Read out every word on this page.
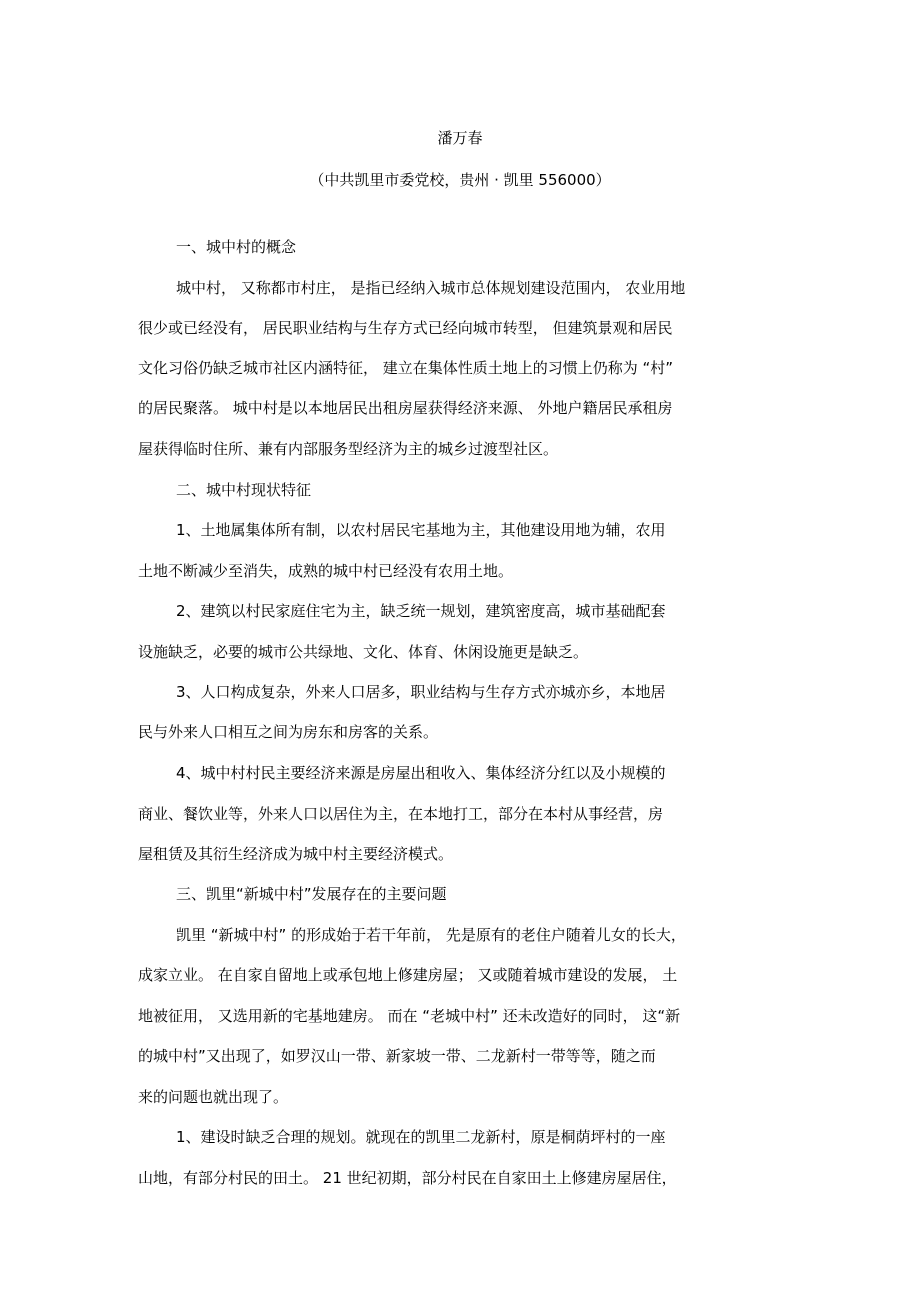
潘万春
（中共凯里市委党校，贵州 · 凯里 556000）
一、城中村的概念
城中村， 又称都市村庄， 是指已经纳入城市总体规划建设范围内， 农业用地
很少或已经没有， 居民职业结构与生存方式已经向城市转型， 但建筑景观和居民
文化习俗仍缺乏城市社区内涵特征， 建立在集体性质土地上的习惯上仍称为 “村”
的居民聚落。 城中村是以本地居民出租房屋获得经济来源、 外地户籍居民承租房
屋获得临时住所、兼有内部服务型经济为主的城乡过渡型社区。
二、城中村现状特征
1、土地属集体所有制，以农村居民宅基地为主，其他建设用地为辅，农用
土地不断减少至消失，成熟的城中村已经没有农用土地。
2、建筑以村民家庭住宅为主，缺乏统一规划，建筑密度高，城市基础配套
设施缺乏，必要的城市公共绿地、文化、体育、休闲设施更是缺乏。
3、人口构成复杂，外来人口居多，职业结构与生存方式亦城亦乡，本地居
民与外来人口相互之间为房东和房客的关系。
4、城中村村民主要经济来源是房屋出租收入、集体经济分红以及小规模的
商业、餐饮业等，外来人口以居住为主，在本地打工，部分在本村从事经营，房
屋租赁及其衍生经济成为城中村主要经济模式。
三、凯里“新城中村”发展存在的主要问题
凯里 “新城中村” 的形成始于若干年前， 先是原有的老住户随着儿女的长大，
成家立业。 在自家自留地上或承包地上修建房屋； 又或随着城市建设的发展， 土
地被征用， 又选用新的宅基地建房。 而在 “老城中村” 还未改造好的同时， 这“新
的城中村”又出现了，如罗汉山一带、新家坡一带、二龙新村一带等等，随之而
来的问题也就出现了。
1、建设时缺乏合理的规划。就现在的凯里二龙新村，原是桐荫坪村的一座
山地，有部分村民的田土。 21 世纪初期，部分村民在自家田土上修建房屋居住，
